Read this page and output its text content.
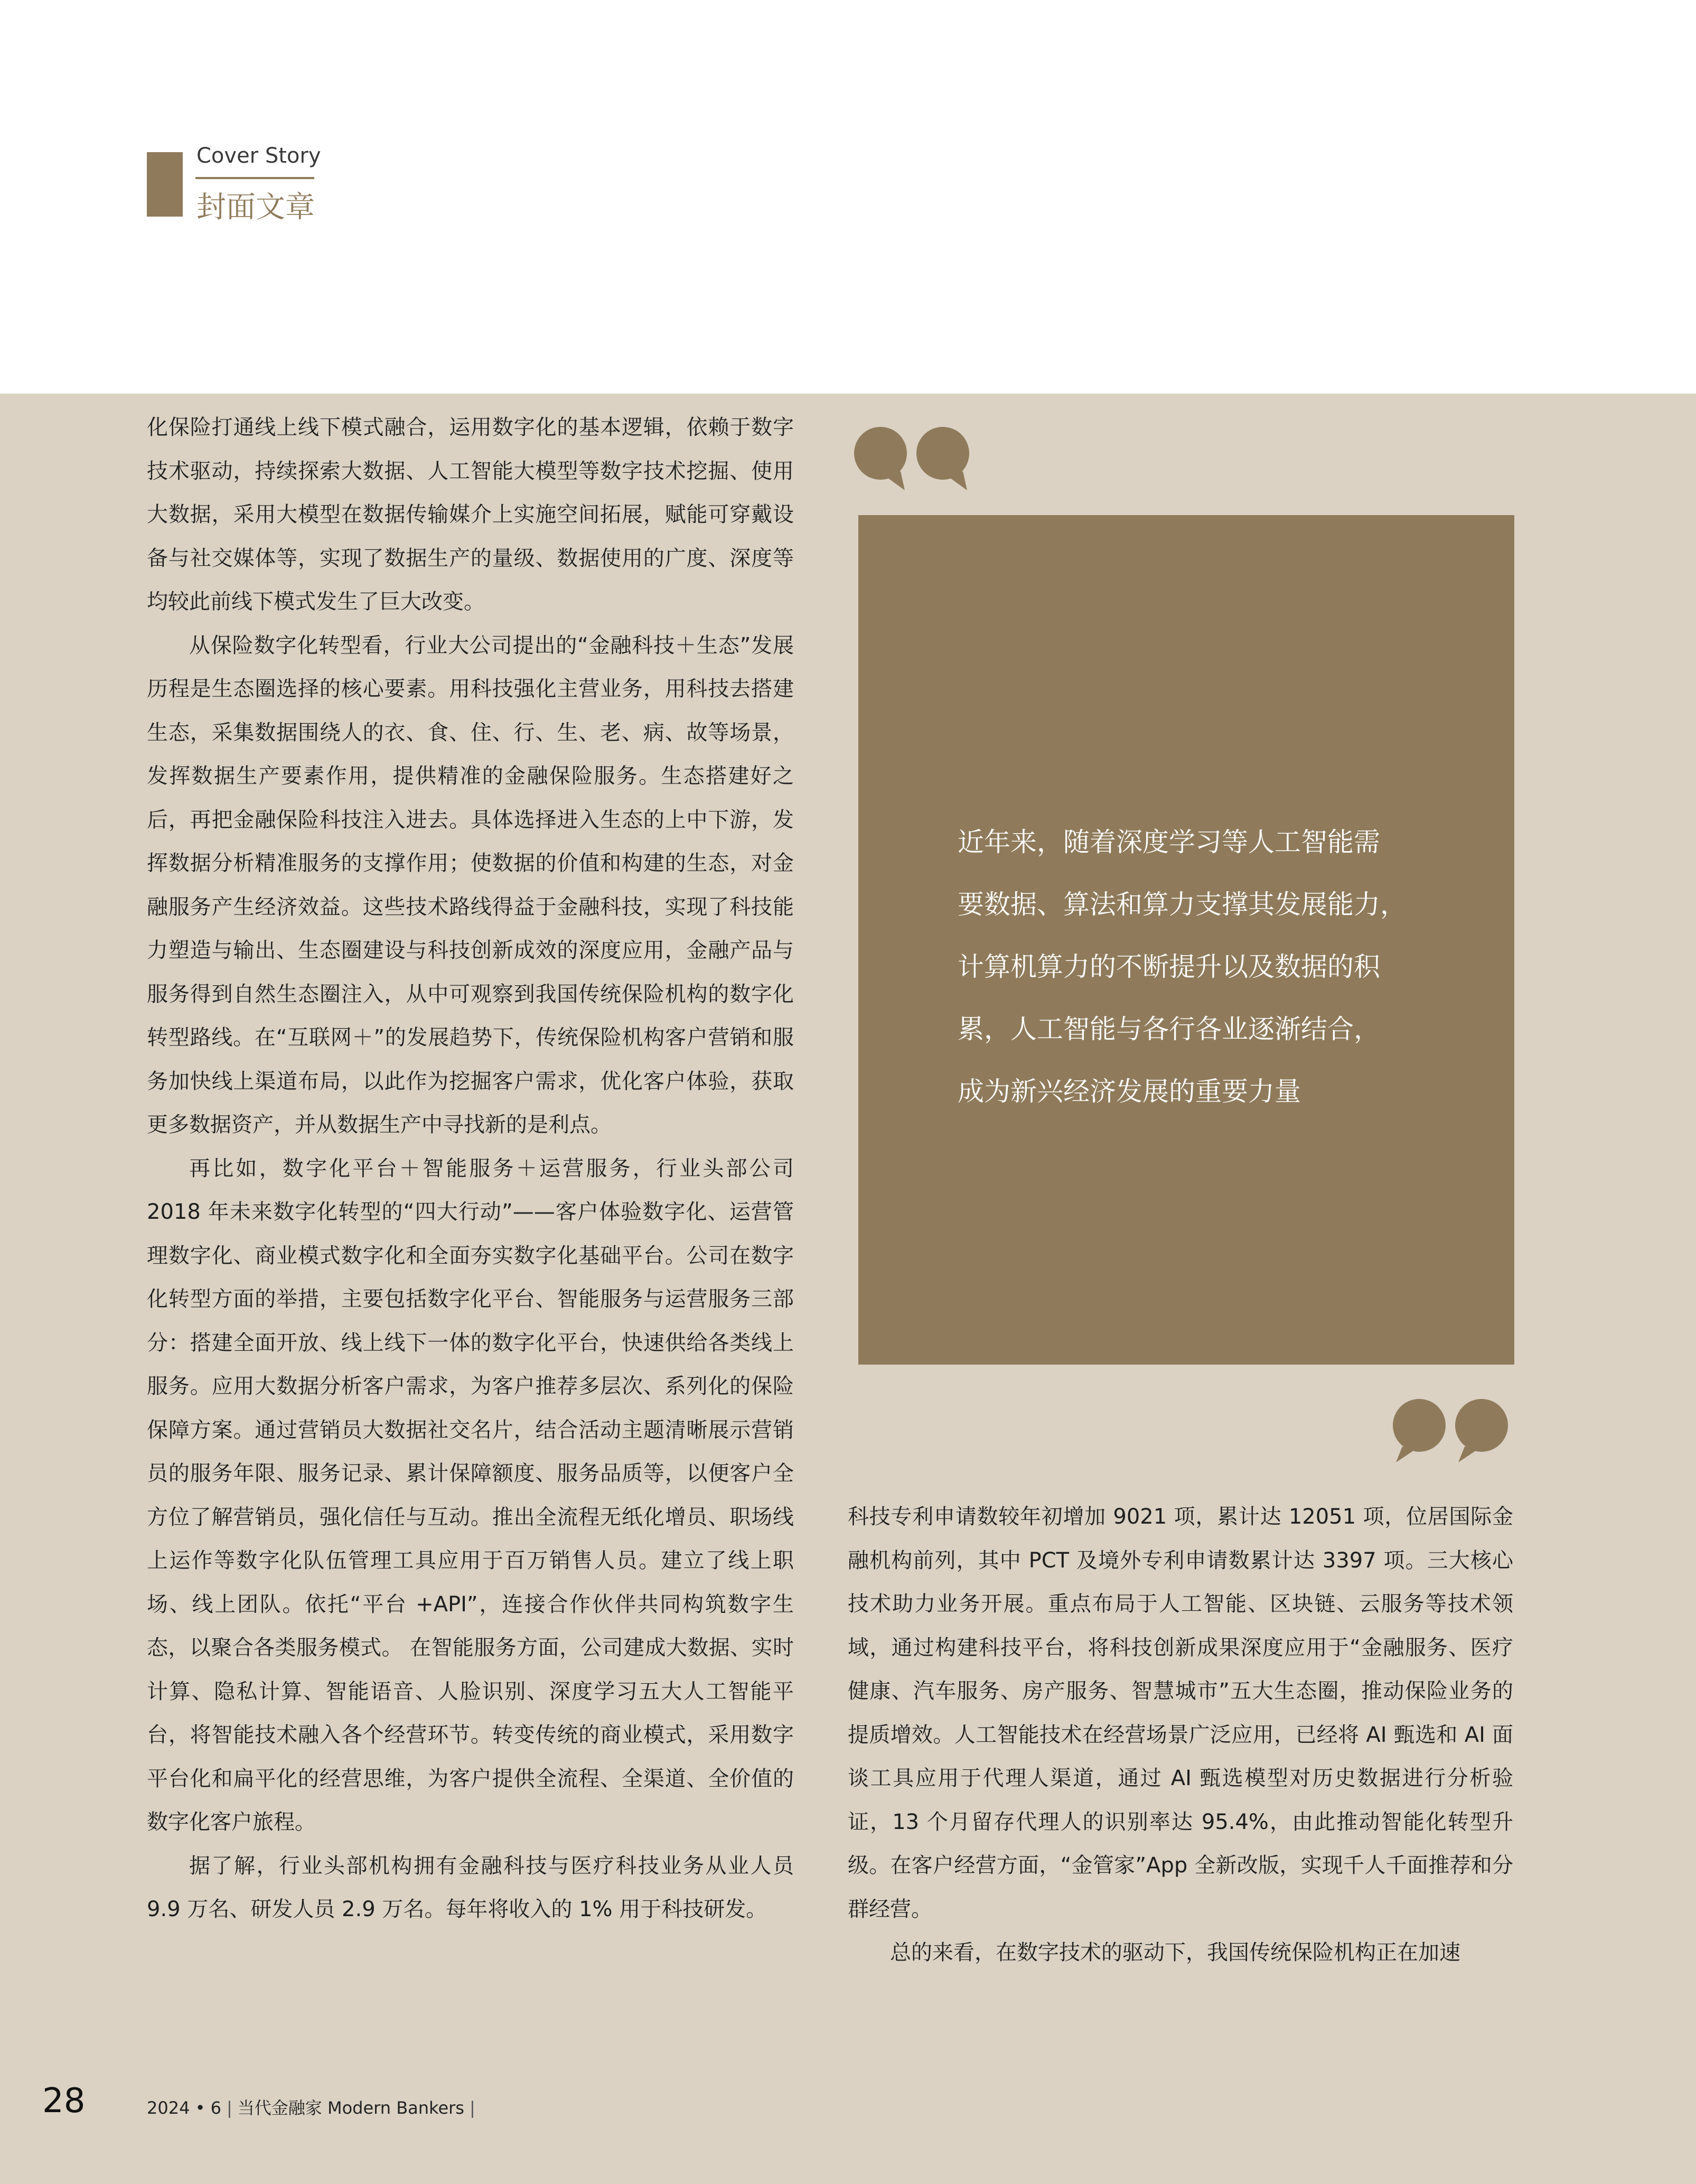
Cover Story
封面文章

化保险打通线上线下模式融合，运用数字化的基本逻辑，依赖于数字技术驱动，持续探索大数据、人工智能大模型等数字技术挖掘、使用大数据，采用大模型在数据传输媒介上实施空间拓展，赋能可穿戴设备与社交媒体等，实现了数据生产的量级、数据使用的广度、深度等均较此前线下模式发生了巨大改变。

从保险数字化转型看，行业大公司提出的“金融科技＋生态”发展历程是生态圈选择的核心要素。用科技强化主营业务，用科技去搭建生态，采集数据围绕人的衣、食、住、行、生、老、病、故等场景，发挥数据生产要素作用，提供精准的金融保险服务。生态搭建好之后，再把金融保险科技注入进去。具体选择进入生态的上中下游，发挥数据分析精准服务的支撑作用；使数据的价值和构建的生态，对金融服务产生经济效益。这些技术路线得益于金融科技，实现了科技能力塑造与输出、生态圈建设与科技创新成效的深度应用，金融产品与服务得到自然生态圈注入，从中可观察到我国传统保险机构的数字化转型路线。在“互联网＋”的发展趋势下，传统保险机构客户营销和服务加快线上渠道布局，以此作为挖掘客户需求，优化客户体验，获取更多数据资产，并从数据生产中寻找新的是利点。

再比如，数字化平台＋智能服务＋运营服务，行业头部公司 2018 年未来数字化转型的“四大行动”——客户体验数字化、运营管理数字化、商业模式数字化和全面夯实数字化基础平台。公司在数字化转型方面的举措，主要包括数字化平台、智能服务与运营服务三部分：搭建全面开放、线上线下一体的数字化平台，快速供给各类线上服务。应用大数据分析客户需求，为客户推荐多层次、系列化的保险保障方案。通过营销员大数据社交名片，结合活动主题清晰展示营销员的服务年限、服务记录、累计保障额度、服务品质等，以便客户全方位了解营销员，强化信任与互动。推出全流程无纸化增员、职场线上运作等数字化队伍管理工具应用于百万销售人员。建立了线上职场、线上团队。依托“平台 +API”，连接合作伙伴共同构筑数字生态，以聚合各类服务模式。 在智能服务方面，公司建成大数据、实时计算、隐私计算、智能语音、人脸识别、深度学习五大人工智能平台，将智能技术融入各个经营环节。转变传统的商业模式，采用数字平台化和扁平化的经营思维，为客户提供全流程、全渠道、全价值的数字化客户旅程。

据了解，行业头部机构拥有金融科技与医疗科技业务从业人员 9.9 万名、研发人员 2.9 万名。每年将收入的 1% 用于科技研发。

近年来，随着深度学习等人工智能需
要数据、算法和算力支撑其发展能力，
计算机算力的不断提升以及数据的积
累，人工智能与各行各业逐渐结合，
成为新兴经济发展的重要力量

科技专利申请数较年初增加 9021 项，累计达 12051 项，位居国际金融机构前列，其中 PCT 及境外专利申请数累计达 3397 项。三大核心技术助力业务开展。重点布局于人工智能、区块链、云服务等技术领域，通过构建科技平台，将科技创新成果深度应用于“金融服务、医疗健康、汽车服务、房产服务、智慧城市”五大生态圈，推动保险业务的提质增效。人工智能技术在经营场景广泛应用，已经将 AI 甄选和 AI 面谈工具应用于代理人渠道，通过 AI 甄选模型对历史数据进行分析验证，13 个月留存代理人的识别率达 95.4%，由此推动智能化转型升级。在客户经营方面，“金管家”App 全新改版，实现千人千面推荐和分群经营。

总的来看，在数字技术的驱动下，我国传统保险机构正在加速

28	2024 • 6 | 当代金融家 Modern Bankers |
